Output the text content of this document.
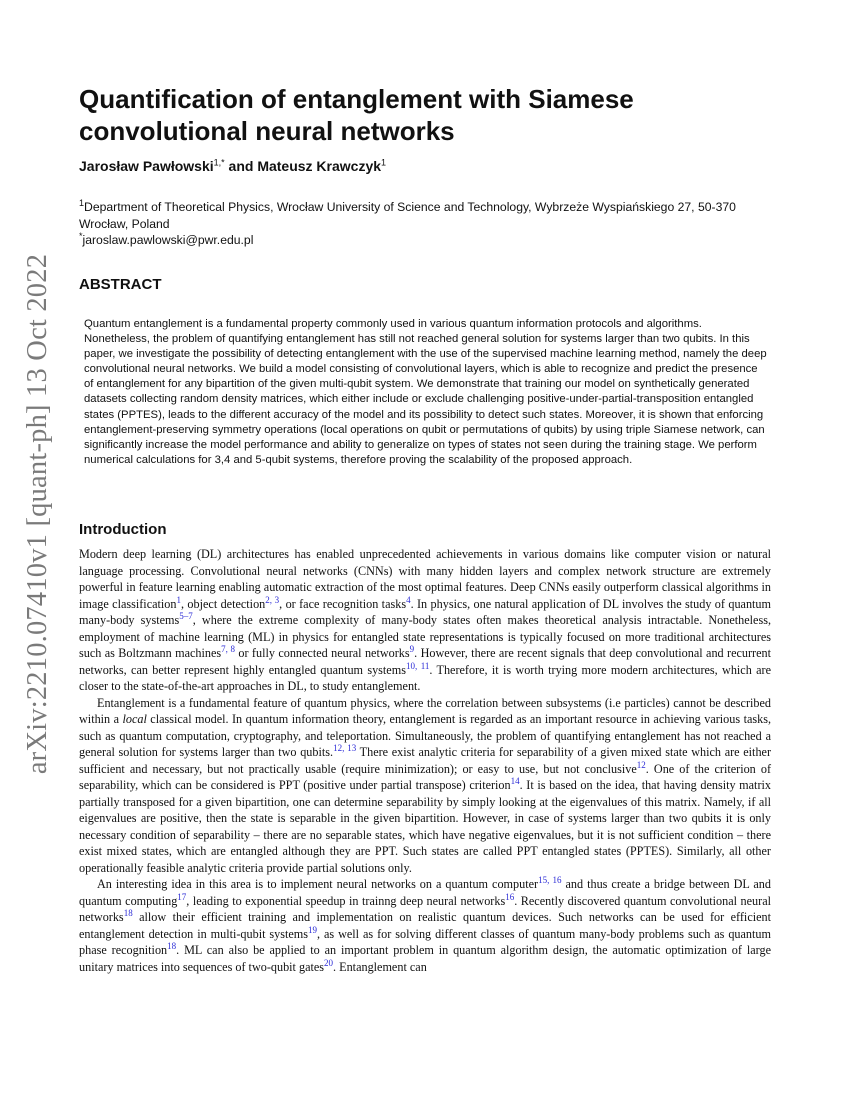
arXiv:2210.07410v1 [quant-ph] 13 Oct 2022
Quantification of entanglement with Siamese convolutional neural networks

Jarosław Pawłowski$^{1,*}$ and Mateusz Krawczyk$^1$

$^1$Department of Theoretical Physics, Wrocław University of Science and Technology, Wybrzeże Wyspiańskiego 27, 50-370 Wrocław, Poland
*jaroslaw.pawlowski@pwr.edu.pl
ABSTRACT

Quantum entanglement is a fundamental property commonly used in various quantum information protocols and algorithms. Nonetheless, the problem of quantifying entanglement has still not reached general solution for systems larger than two qubits. In this paper, we investigate the possibility of detecting entanglement with the use of the supervised machine learning method, namely the deep convolutional neural networks. We build a model consisting of convolutional layers, which is able to recognize and predict the presence of entanglement for any bipartition of the given multi-qubit system. We demonstrate that training our model on synthetically generated datasets collecting random density matrices, which either include or exclude challenging positive-under-partial-transposition entangled states (PPTES), leads to the different accuracy of the model and its possibility to detect such states. Moreover, it is shown that enforcing entanglement-preserving symmetry operations (local operations on qubit or permutations of qubits) by using triple Siamese network, can significantly increase the model performance and ability to generalize on types of states not seen during the training stage. We perform numerical calculations for 3,4 and 5-qubit systems, therefore proving the scalability of the proposed approach.

Introduction

Modern deep learning (DL) architectures has enabled unprecedented achievements in various domains like computer vision or natural language processing. Convolutional neural networks (CNNs) with many hidden layers and complex network structure are extremely powerful in feature learning enabling automatic extraction of the most optimal features. Deep CNNs easily outperform classical algorithms in image classification$^1$, object detection$^{2, 3}$, or face recognition tasks$^4$. In physics, one natural application of DL involves the study of quantum many-body systems$^{5-7}$, where the extreme complexity of many-body states often makes theoretical analysis intractable. Nonetheless, employment of machine learning (ML) in physics for entangled state representations is typically focused on more traditional architectures such as Boltzmann machines$^{7, 8}$ or fully connected neural networks$^9$. However, there are recent signals that deep convolutional and recurrent networks, can better represent highly entangled quantum systems$^{10, 11}$. Therefore, it is worth trying more modern architectures, which are closer to the state-of-the-art approaches in DL, to study entanglement.

Entanglement is a fundamental feature of quantum physics, where the correlation between subsystems (i.e particles) cannot be described within a local classical model. In quantum information theory, entanglement is regarded as an important resource in achieving various tasks, such as quantum computation, cryptography, and teleportation. Simultaneously, the problem of quantifying entanglement has not reached a general solution for systems larger than two qubits.$^{12, 13}$ There exist analytic criteria for separability of a given mixed state which are either sufficient and necessary, but not practically usable (require minimization); or easy to use, but not conclusive$^{12}$. One of the criterion of separability, which can be considered is PPT (positive under partial transpose) criterion$^{14}$. It is based on the idea, that having density matrix partially transposed for a given bipartition, one can determine separability by simply looking at the eigenvalues of this matrix. Namely, if all eigenvalues are positive, then the state is separable in the given bipartition. However, in case of systems larger than two qubits it is only necessary condition of separability – there are no separable states, which have negative eigenvalues, but it is not sufficient condition – there exist mixed states, which are entangled although they are PPT. Such states are called PPT entangled states (PPTES). Similarly, all other operationally feasible analytic criteria provide partial solutions only.

An interesting idea in this area is to implement neural networks on a quantum computer$^{15, 16}$ and thus create a bridge between DL and quantum computing$^{17}$, leading to exponential speedup in trainng deep neural networks$^{16}$. Recently discovered quantum convolutional neural networks$^{18}$ allow their efficient training and implementation on realistic quantum devices. Such networks can be used for efficient entanglement detection in multi-qubit systems$^{19}$, as well as for solving different classes of quantum many-body problems such as quantum phase recognition$^{18}$. ML can also be applied to an important problem in quantum algorithm design, the automatic optimization of large unitary matrices into sequences of two-qubit gates$^{20}$. Entanglement can
